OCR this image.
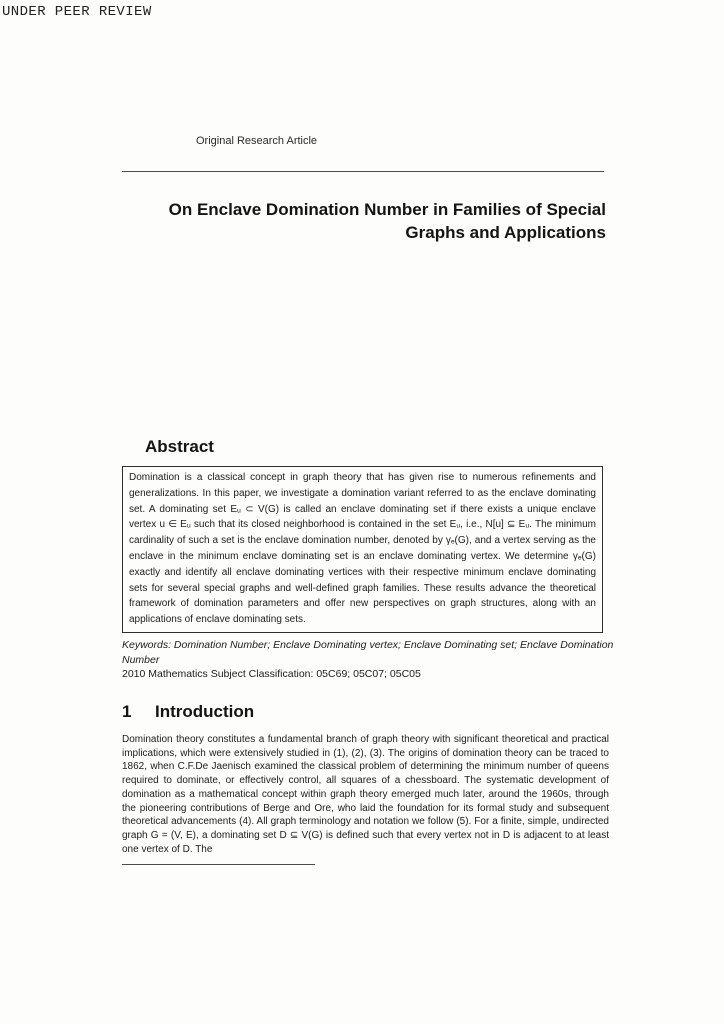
UNDER PEER REVIEW
Original Research Article
On Enclave Domination Number in Families of Special
Graphs and Applications
Abstract

Domination is a classical concept in graph theory that has given rise to numerous refinements and generalizations. In this paper, we investigate a domination variant referred to as the enclave dominating set. A dominating set Eᵤ ⊂ V(G) is called an enclave dominating set if there exists a unique enclave vertex u ∈ Eᵤ such that its closed neighborhood is contained in the set Eᵤ, i.e., N[u] ⊆ Eᵤ. The minimum cardinality of such a set is the enclave domination number, denoted by γₑ(G), and a vertex serving as the enclave in the minimum enclave dominating set is an enclave dominating vertex. We determine γₑ(G) exactly and identify all enclave dominating vertices with their respective minimum enclave dominating sets for several special graphs and well-defined graph families. These results advance the theoretical framework of domination parameters and offer new perspectives on graph structures, along with an applications of enclave dominating sets.

Keywords: Domination Number; Enclave Dominating vertex; Enclave Dominating set; Enclave Domination Number
2010 Mathematics Subject Classification: 05C69; 05C07; 05C05
1 Introduction

Domination theory constitutes a fundamental branch of graph theory with significant theoretical and practical implications, which were extensively studied in (1), (2), (3). The origins of domination theory can be traced to 1862, when C.F.De Jaenisch examined the classical problem of determining the minimum number of queens required to dominate, or effectively control, all squares of a chessboard. The systematic development of domination as a mathematical concept within graph theory emerged much later, around the 1960s, through the pioneering contributions of Berge and Ore, who laid the foundation for its formal study and subsequent theoretical advancements (4). All graph terminology and notation we follow (5). For a finite, simple, undirected graph G = (V, E), a dominating set D ⊆ V(G) is defined such that every vertex not in D is adjacent to at least one vertex of D. The
